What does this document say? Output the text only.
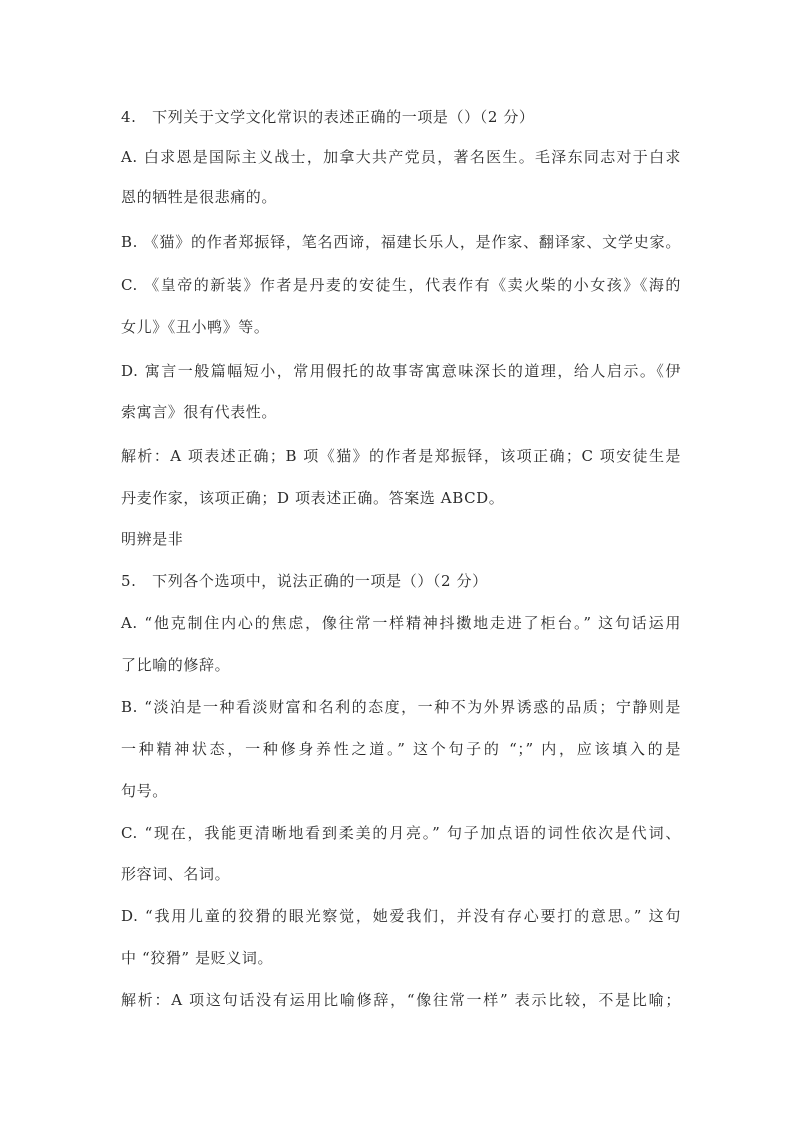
4.　下列关于文学文化常识的表述正确的一项是（）（2 分）
A. 白求恩是国际主义战士，加拿大共产党员，著名医生。毛泽东同志对于白求
恩的牺牲是很悲痛的。
B. 《猫》的作者郑振铎，笔名西谛，福建长乐人，是作家、翻译家、文学史家。
C. 《皇帝的新装》作者是丹麦的安徒生，代表作有《卖火柴的小女孩》《海的
女儿》《丑小鸭》等。
D. 寓言一般篇幅短小，常用假托的故事寄寓意味深长的道理，给人启示。《伊
索寓言》很有代表性。
解析：A 项表述正确；B 项《猫》的作者是郑振铎，该项正确；C 项安徒生是
丹麦作家，该项正确；D 项表述正确。答案选 ABCD。
明辨是非
5.　下列各个选项中，说法正确的一项是（）（2 分）
A. “他克制住内心的焦虑，像往常一样精神抖擞地走进了柜台。” 这句话运用
了比喻的修辞。
B. “淡泊是一种看淡财富和名利的态度，一种不为外界诱惑的品质；宁静则是
一种精神状态，一种修身养性之道。” 这个句子的 “；” 内，应该填入的是
句号。
C. “现在，我能更清晰地看到柔美的月亮。” 句子加点语的词性依次是代词、
形容词、名词。
D. “我用儿童的狡猾的眼光察觉，她爱我们，并没有存心要打的意思。” 这句
中 “狡猾” 是贬义词。
解析：A 项这句话没有运用比喻修辞，“像往常一样” 表示比较，不是比喻；
